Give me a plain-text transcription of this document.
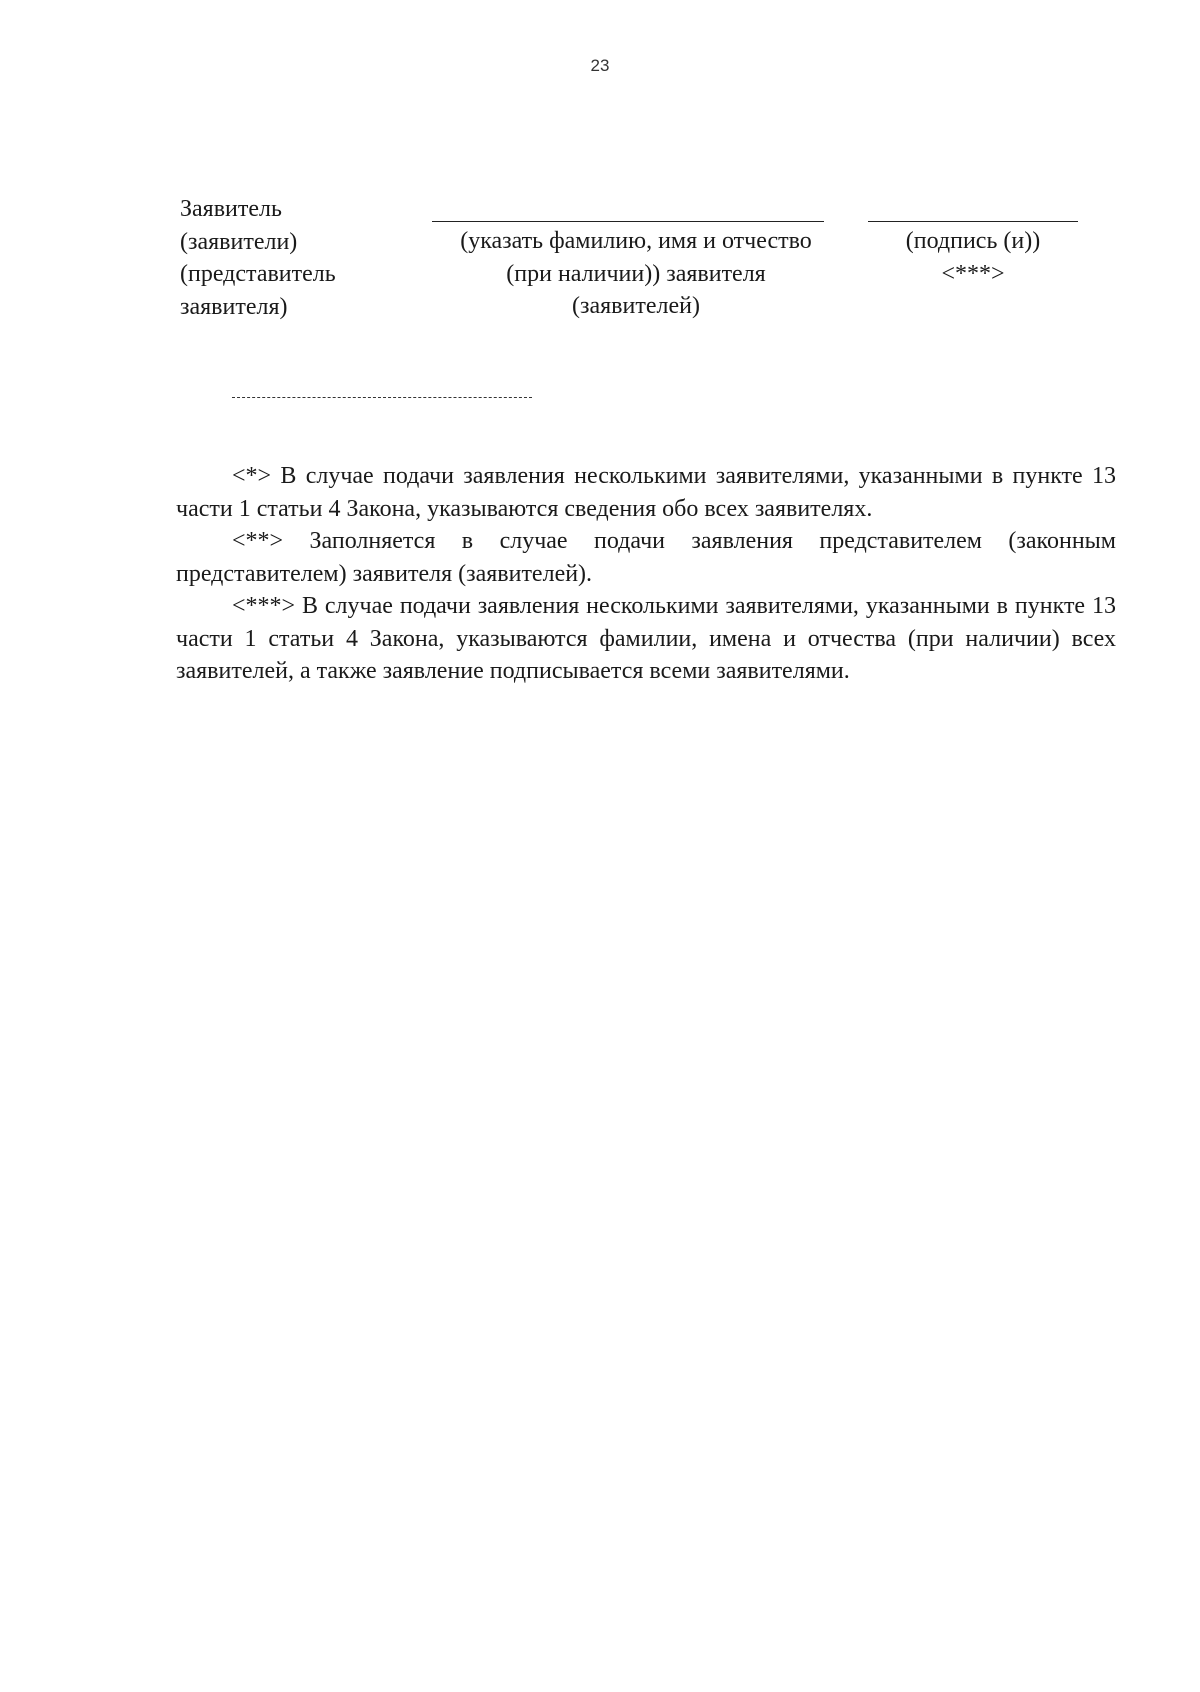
23
Заявитель
(заявители)
(представитель
заявителя)
(указать фамилию, имя и отчество
(при наличии)) заявителя
(заявителей)
(подпись (и))
<***>

<*> В случае подачи заявления несколькими заявителями, указанными в пункте 13 части 1 статьи 4 Закона, указываются сведения обо всех заявителях.

<**> Заполняется в случае подачи заявления представителем (законным представителем) заявителя (заявителей).

<***> В случае подачи заявления несколькими заявителями, указанными в пункте 13 части 1 статьи 4 Закона, указываются фамилии, имена и отчества (при наличии) всех заявителей, а также заявление подписывается всеми заявителями.
